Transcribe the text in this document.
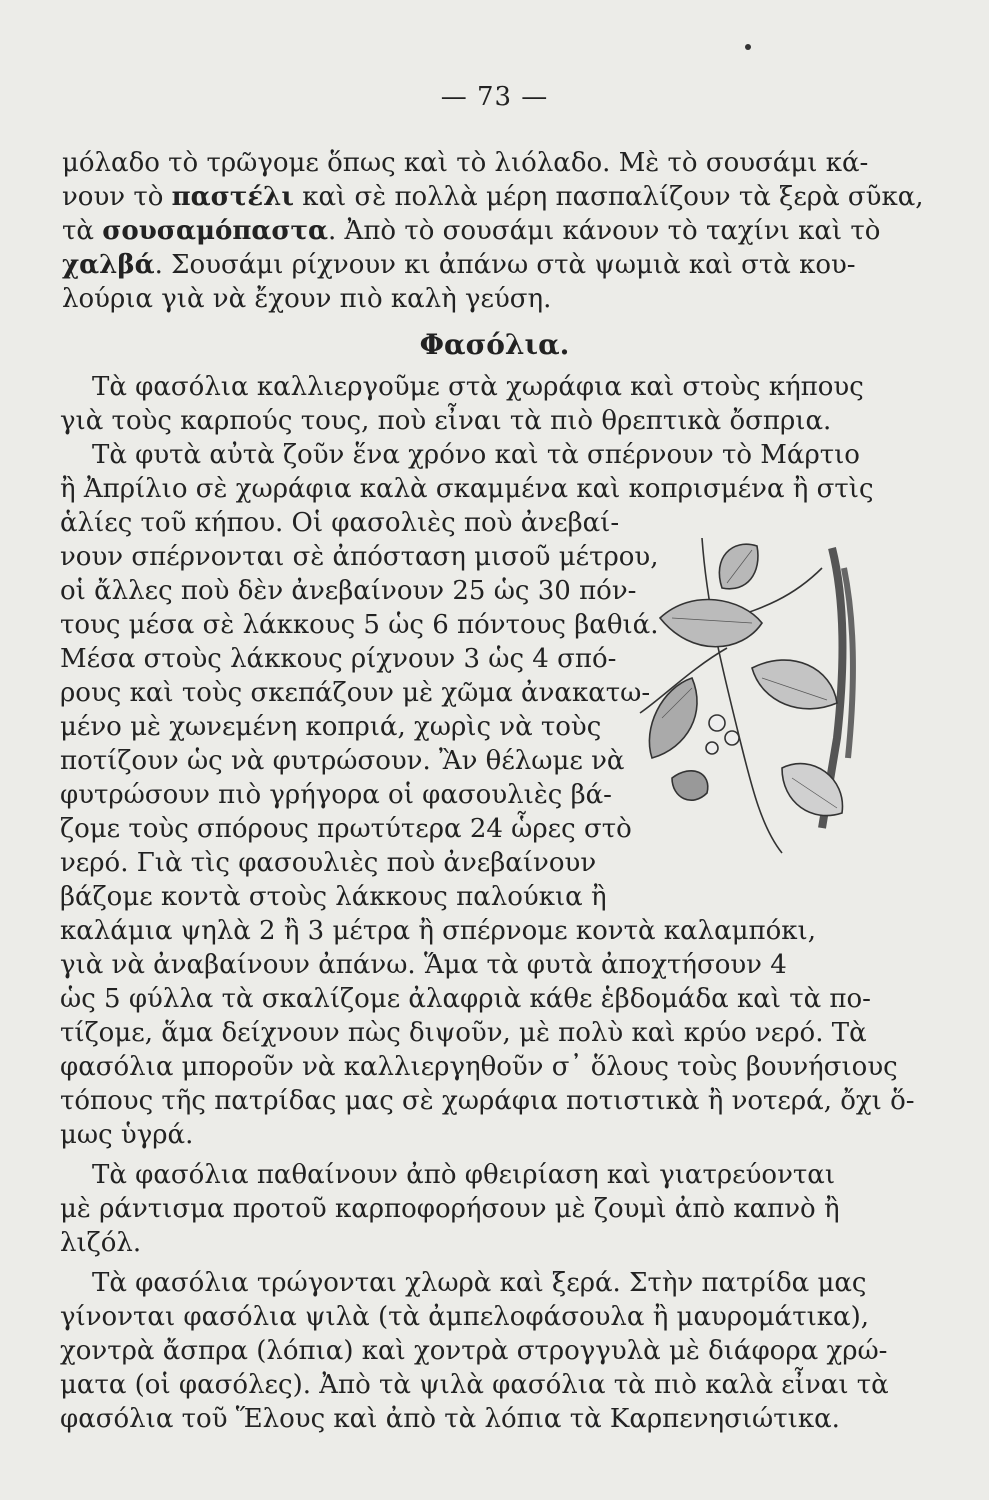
— 73 —
μόλαδο τὸ τρῶγομε ὅπως καὶ τὸ λιόλαδο. Μὲ τὸ σουσάμι κά-
νουν τὸ παστέλι καὶ σὲ πολλὰ μέρη πασπαλίζουν τὰ ξερὰ σῦκα,
τὰ σουσαμόπαστα. Ἀπὸ τὸ σουσάμι κάνουν τὸ ταχίνι καὶ τὸ
χαλβά. Σουσάμι ρίχνουν κι ἀπάνω στὰ ψωμιὰ καὶ στὰ κου-
λούρια γιὰ νὰ ἔχουν πιὸ καλὴ γεύση.
Φασόλια.
Τὰ φασόλια καλλιεργοῦμε στὰ χωράφια καὶ στοὺς κήπους
γιὰ τοὺς καρπούς τους, ποὺ εἶναι τὰ πιὸ θρεπτικὰ ὄσπρια.
Τὰ φυτὰ αὐτὰ ζοῦν ἕνα χρόνο καὶ τὰ σπέρνουν τὸ Μάρτιο
ἢ Ἀπρίλιο σὲ χωράφια καλὰ σκαμμένα καὶ κοπρισμένα ἢ στὶς
ἁλίες τοῦ κήπου. Οἱ φασολιὲς ποὺ ἀνεβαί-
νουν σπέρνονται σὲ ἀπόσταση μισοῦ μέτρου,
οἱ ἄλλες ποὺ δὲν ἀνεβαίνουν 25 ὡς 30 πόν-
τους μέσα σὲ λάκκους 5 ὡς 6 πόντους βαθιά.
Μέσα στοὺς λάκκους ρίχνουν 3 ὡς 4 σπό-
ρους καὶ τοὺς σκεπάζουν μὲ χῶμα ἀνακατω-
μένο μὲ χωνεμένη κοπριά, χωρὶς νὰ τοὺς
ποτίζουν ὡς νὰ φυτρώσουν. Ἂν θέλωμε νὰ
φυτρώσουν πιὸ γρήγορα οἱ φασουλιὲς βά-
ζομε τοὺς σπόρους πρωτύτερα 24 ὧρες στὸ
νερό. Γιὰ τὶς φασουλιὲς ποὺ ἀνεβαίνουν
βάζομε κοντὰ στοὺς λάκκους παλούκια ἢ
καλάμια ψηλὰ 2 ἢ 3 μέτρα ἢ σπέρνομε κοντὰ καλαμπόκι,
γιὰ νὰ ἀναβαίνουν ἀπάνω. Ἅμα τὰ φυτὰ ἀποχτήσουν 4
ὡς 5 φύλλα τὰ σκαλίζομε ἀλαφριὰ κάθε ἑβδομάδα καὶ τὰ πο-
τίζομε, ἅμα δείχνουν πὼς διψοῦν, μὲ πολὺ καὶ κρύο νερό. Τὰ
φασόλια μποροῦν νὰ καλλιεργηθοῦν σ᾽ ὅλους τοὺς βουνήσιους
τόπους τῆς πατρίδας μας σὲ χωράφια ποτιστικὰ ἢ νοτερά, ὄχι ὅ-
μως ὑγρά.
Τὰ φασόλια παθαίνουν ἀπὸ φθειρίαση καὶ γιατρεύονται
μὲ ράντισμα προτοῦ καρποφορήσουν μὲ ζουμὶ ἀπὸ καπνὸ ἢ
λιζόλ.
Τὰ φασόλια τρώγονται χλωρὰ καὶ ξερά. Στὴν πατρίδα μας
γίνονται φασόλια ψιλὰ (τὰ ἀμπελοφάσουλα ἢ μαυρομάτικα),
χοντρὰ ἄσπρα (λόπια) καὶ χοντρὰ στρογγυλὰ μὲ διάφορα χρώ-
ματα (οἱ φασόλες). Ἀπὸ τὰ ψιλὰ φασόλια τὰ πιὸ καλὰ εἶναι τὰ
φασόλια τοῦ Ἕλους καὶ ἀπὸ τὰ λόπια τὰ Καρπενησιώτικα.
